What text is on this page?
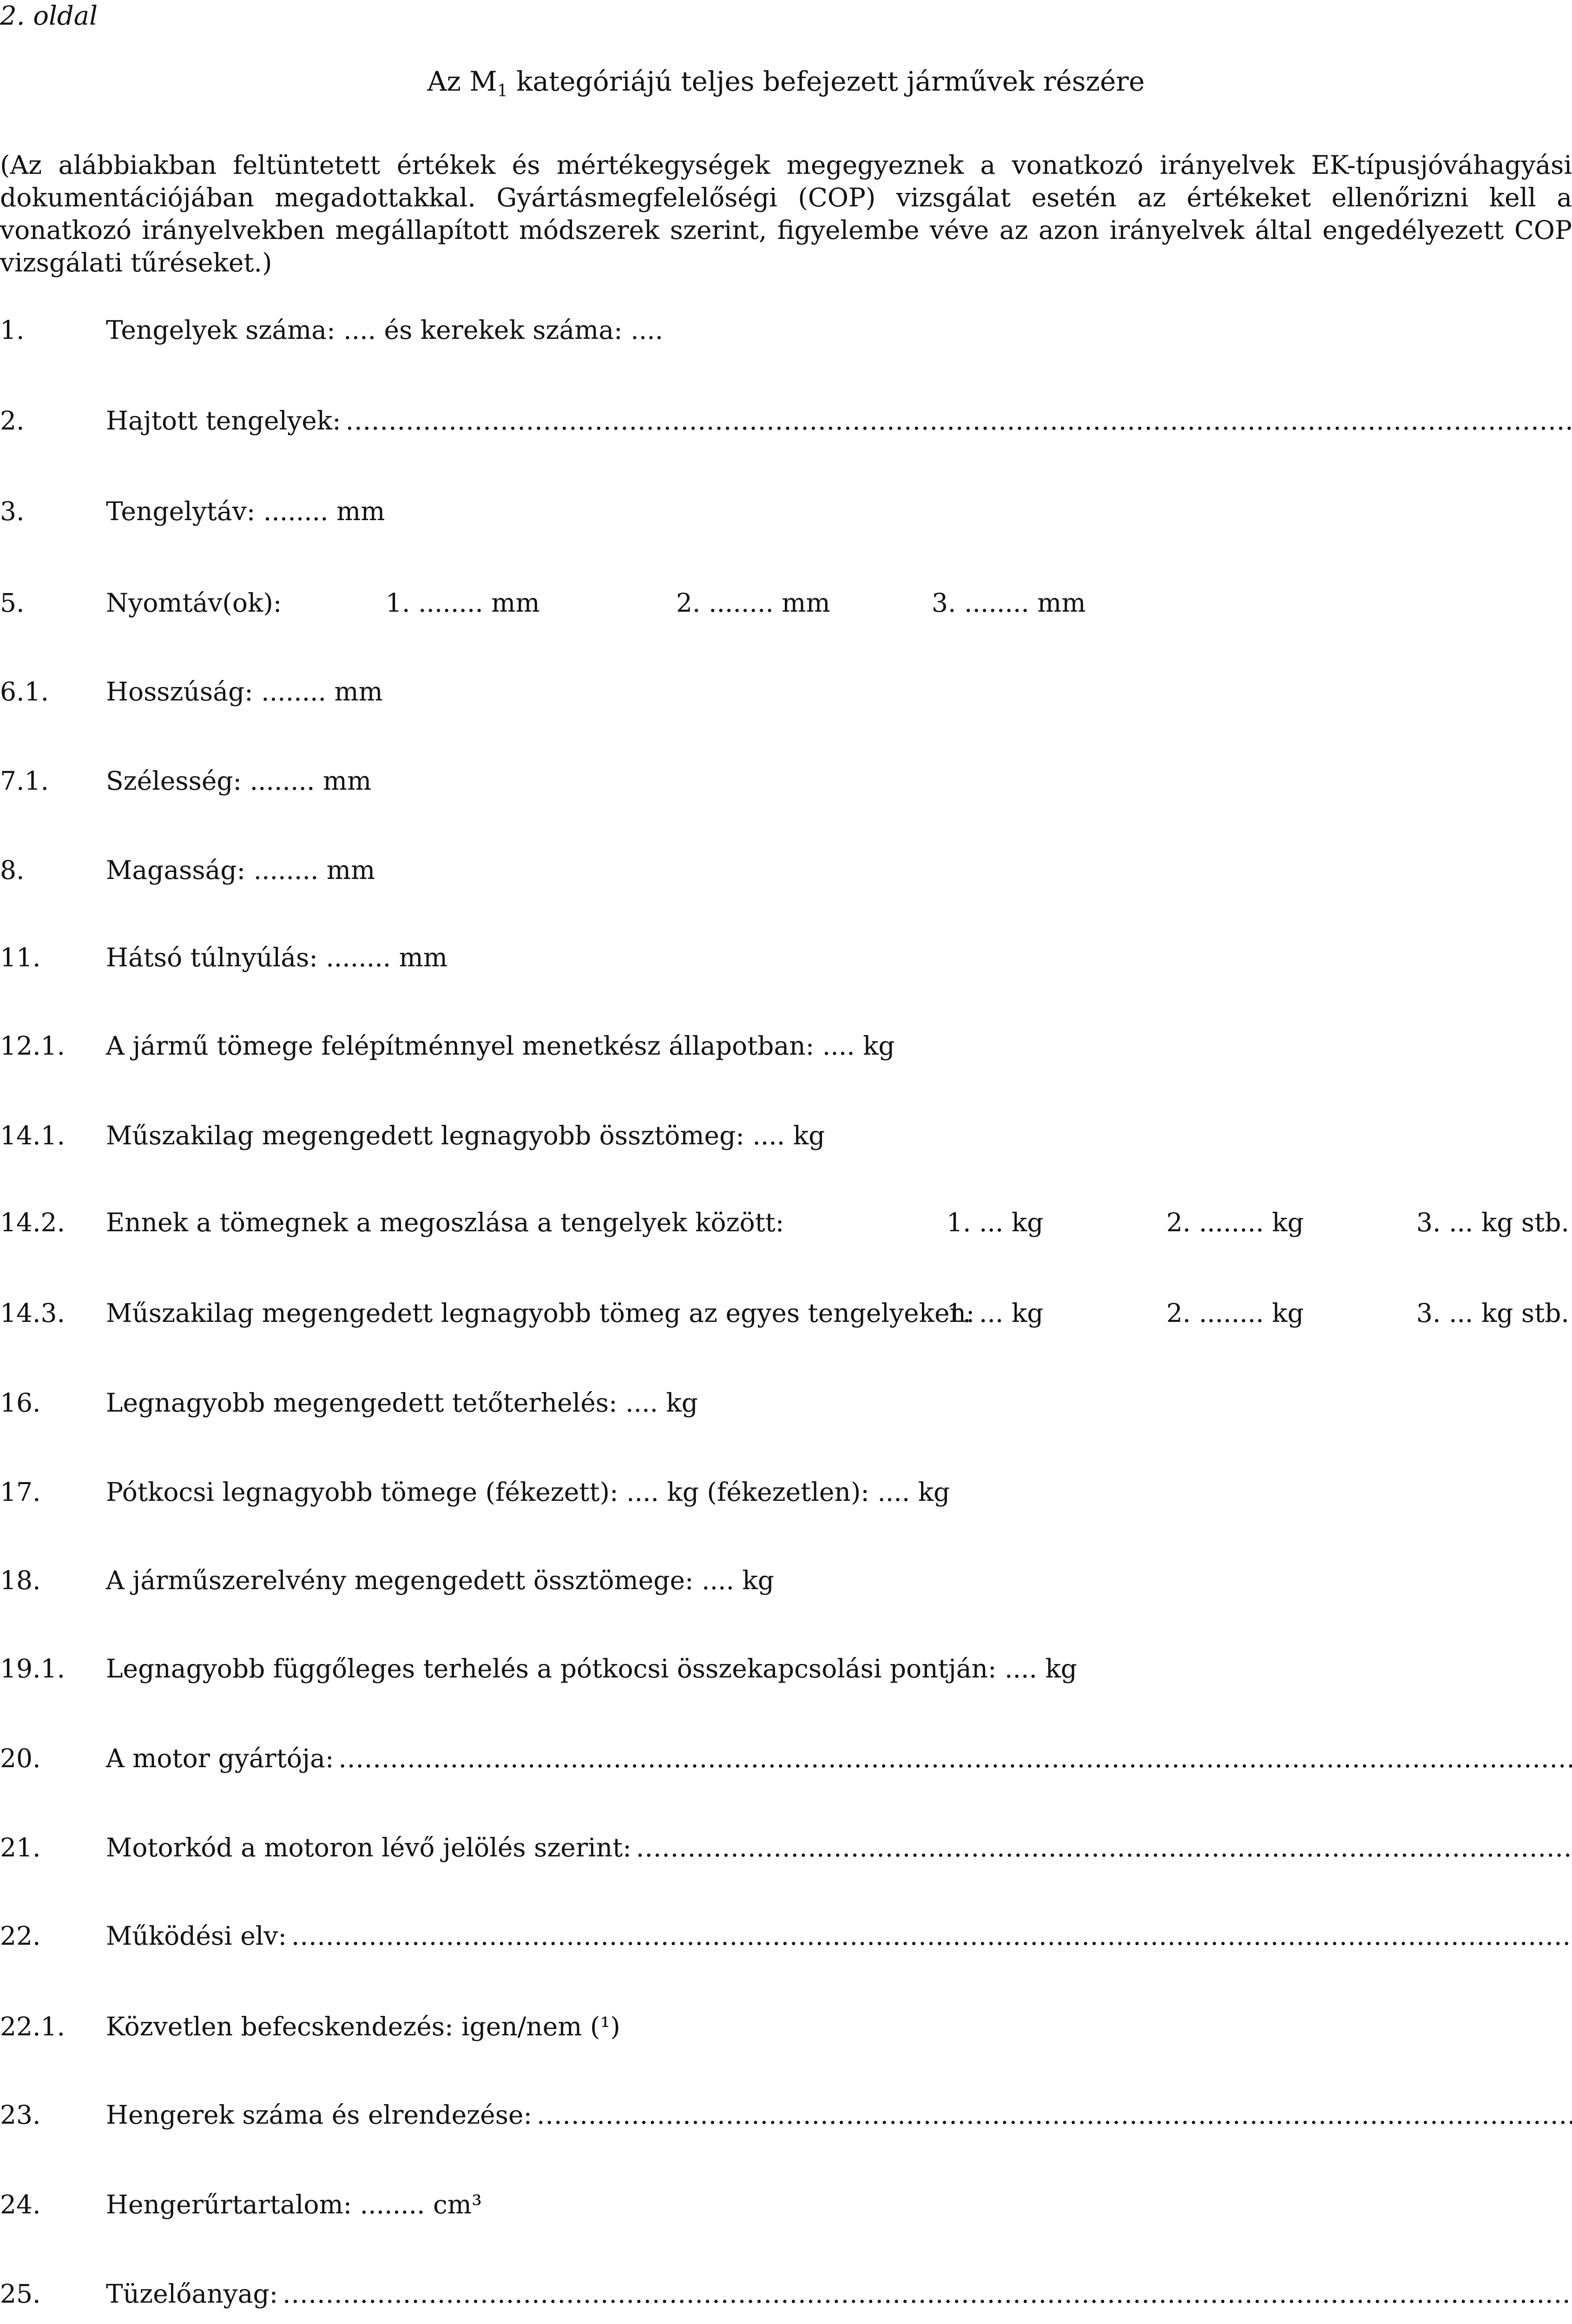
2. oldal
Az $M_1$ kategóriájú teljes befejezett járművek részére
(Az alábbiakban feltüntetett értékek és mértékegységek megegyeznek a vonatkozó irányelvek EK-típusjóváhagyási dokumentációjában megadottakkal. Gyártásmegfelelőségi (COP) vizsgálat esetén az értékeket ellenőrizni kell a vonatkozó irányelvekben megállapított módszerek szerint, figyelembe véve az azon irányelvek által engedélyezett COP vizsgálati tűréseket.)
1.	Tengelyek száma: .... és kerekek száma: ....
2.	Hajtott tengelyek:
.....
3.	Tengelytáv: ........ mm
5.	Nyomtáv(ok):	1. ........ mm	2. ........ mm	3. ........ mm
6.1.	Hosszúság: ........ mm
7.1.	Szélesség: ........ mm
8.	Magasság: ........ mm
11.	Hátsó túlnyúlás: ........ mm
12.1.	A jármű tömege felépítménnyel menetkész állapotban: .... kg
14.1.	Műszakilag megengedett legnagyobb össztömeg: .... kg
14.2.	Ennek a tömegnek a megoszlása a tengelyek között:	1. ... kg	2. ........ kg	3. ... kg stb.
14.3.	Műszakilag megengedett legnagyobb tömeg az egyes tengelyeken:
1. ... kg	2. ........ kg	3. ... kg stb.
16.	Legnagyobb megengedett tetőterhelés: .... kg
17.	Pótkocsi legnagyobb tömege (fékezett): .... kg (fékezetlen): .... kg
18.	A járműszerelvény megengedett össztömege: .... kg
19.1.	Legnagyobb függőleges terhelés a pótkocsi összekapcsolási pontján: .... kg
20.	A motor gyártója:
.....
21.	Motorkód a motoron lévő jelölés szerint:
.....
22.	Működési elv:
.....
22.1.	Közvetlen befecskendezés: igen/nem (¹)
23.	Hengerek száma és elrendezése:
.....
24.	Hengerűrtartalom: ........ cm³
25.	Tüzelőanyag:
.....
